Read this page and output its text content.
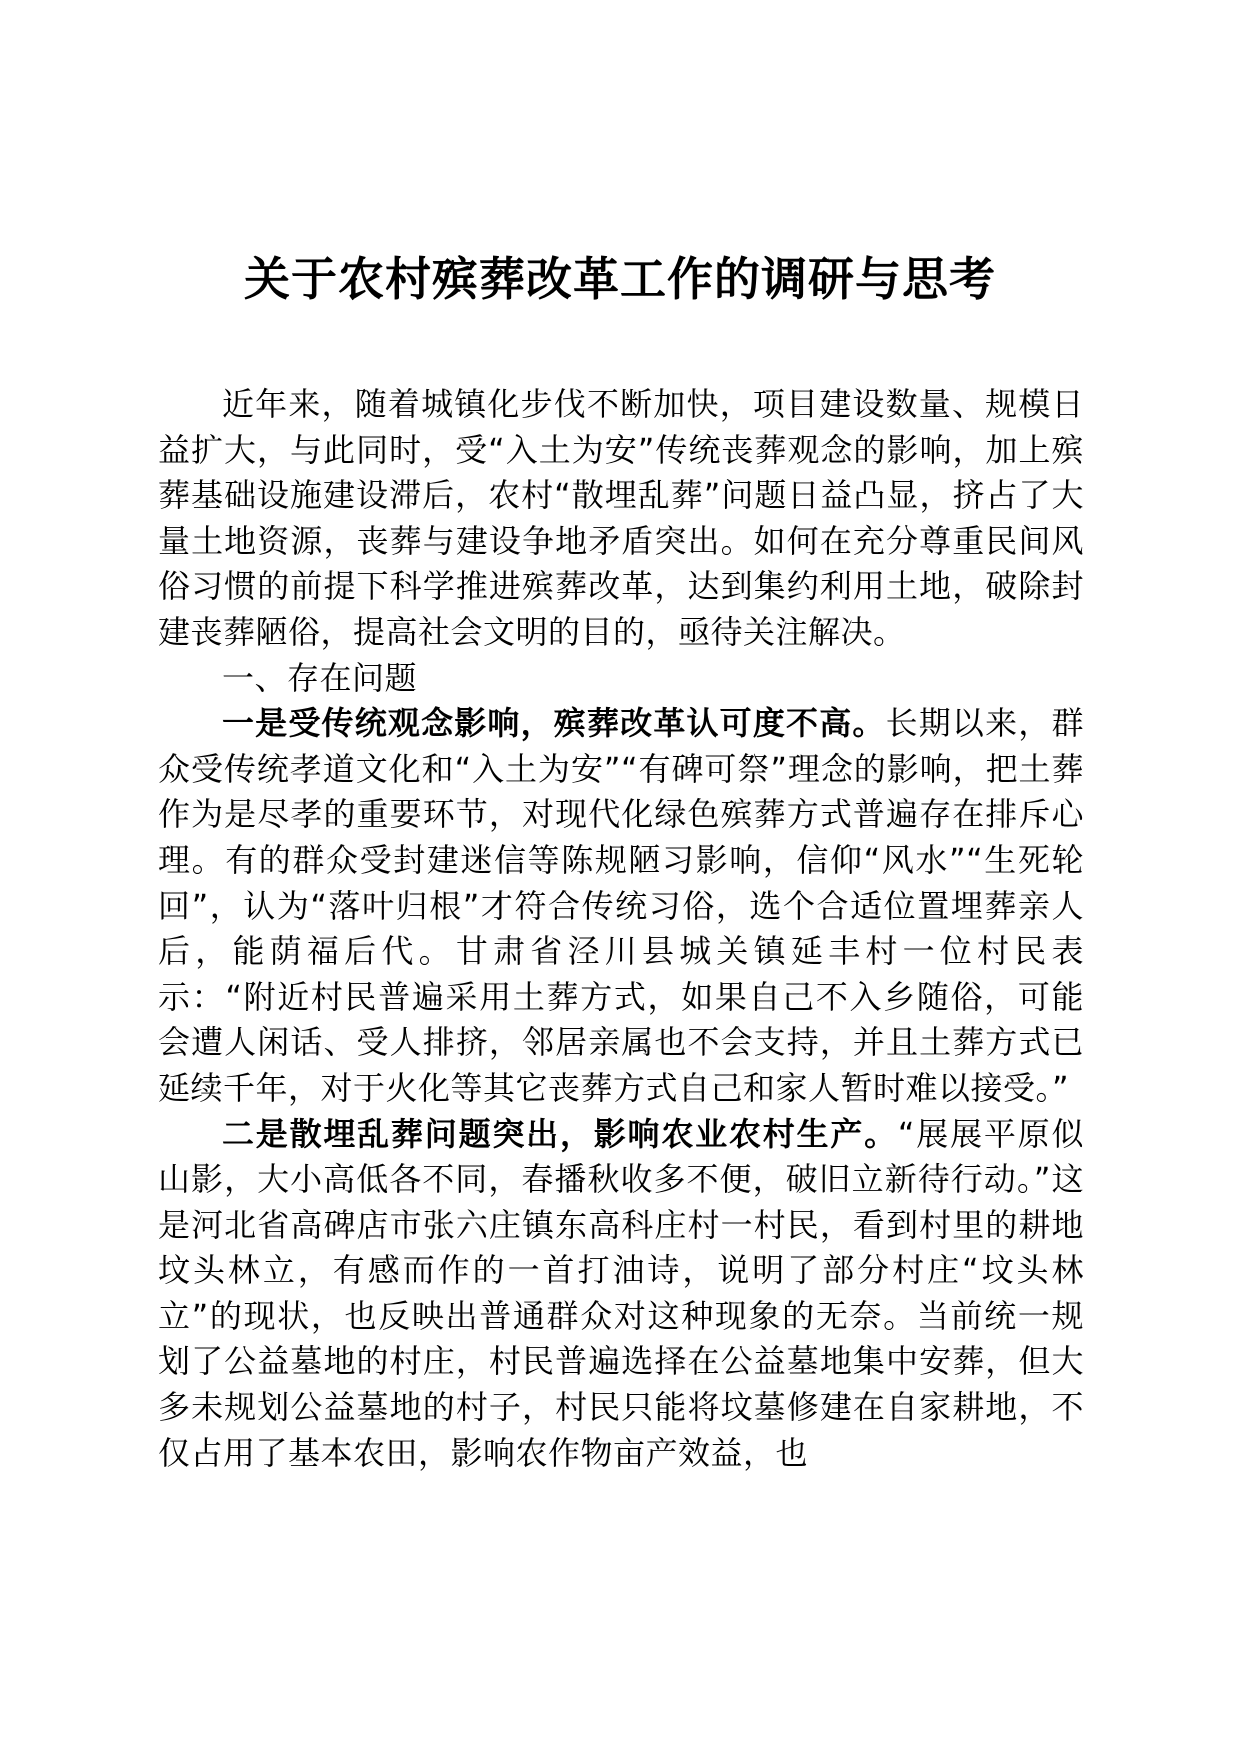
关于农村殡葬改革工作的调研与思考

近年来，随着城镇化步伐不断加快，项目建设数量、规模日益扩大，与此同时，受“入土为安”传统丧葬观念的影响，加上殡葬基础设施建设滞后，农村“散埋乱葬”问题日益凸显，挤占了大量土地资源，丧葬与建设争地矛盾突出。如何在充分尊重民间风俗习惯的前提下科学推进殡葬改革，达到集约利用土地，破除封建丧葬陋俗，提高社会文明的目的，亟待关注解决。

一、存在问题

一是受传统观念影响，殡葬改革认可度不高。长期以来，群众受传统孝道文化和“入土为安”“有碑可祭”理念的影响，把土葬作为是尽孝的重要环节，对现代化绿色殡葬方式普遍存在排斥心理。有的群众受封建迷信等陈规陋习影响，信仰“风水”“生死轮回”，认为“落叶归根”才符合传统习俗，选个合适位置埋葬亲人后，能荫福后代。甘肃省泾川县城关镇延丰村一位村民表示：“附近村民普遍采用土葬方式，如果自己不入乡随俗，可能会遭人闲话、受人排挤，邻居亲属也不会支持，并且土葬方式已延续千年，对于火化等其它丧葬方式自己和家人暂时难以接受。”

二是散埋乱葬问题突出，影响农业农村生产。“展展平原似山影，大小高低各不同，春播秋收多不便，破旧立新待行动。”这是河北省高碑店市张六庄镇东高科庄村一村民，看到村里的耕地坟头林立，有感而作的一首打油诗，说明了部分村庄“坟头林立”的现状，也反映出普通群众对这种现象的无奈。当前统一规划了公益墓地的村庄，村民普遍选择在公益墓地集中安葬，但大多未规划公益墓地的村子，村民只能将坟墓修建在自家耕地，不仅占用了基本农田，影响农作物亩产效益，也
